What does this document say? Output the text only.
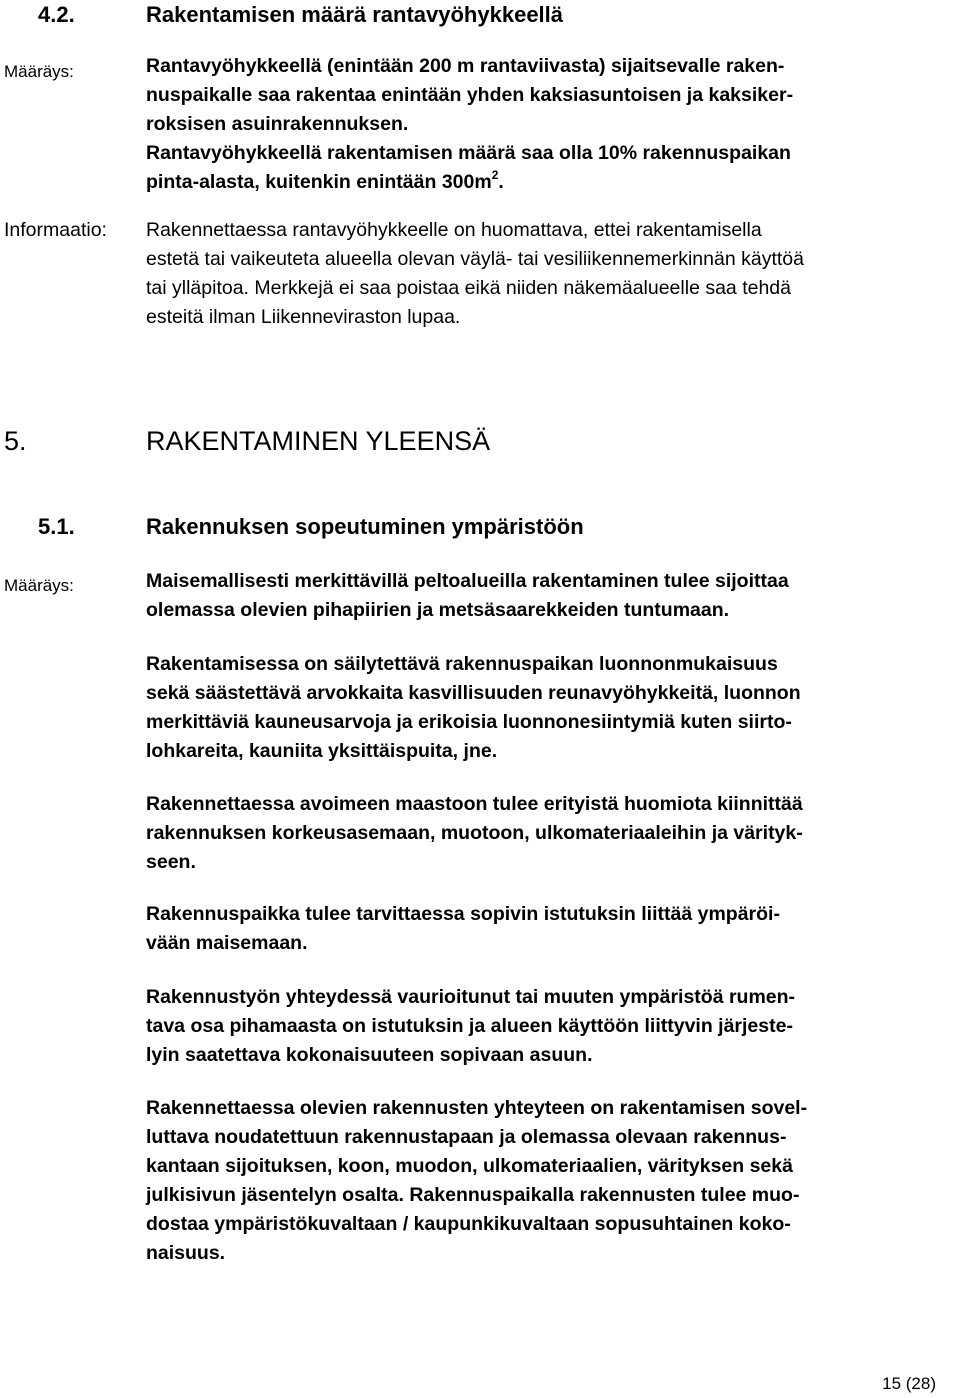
4.2.	Rakentamisen määrä rantavyöhykkeellä
Määräys:	Rantavyöhykkeellä (enintään 200 m rantaviivasta) sijaitsevalle raken-
nuspaikalle saa rakentaa enintään yhden kaksiasuntoisen ja kaksiker-
roksisen asuinrakennuksen.
Rantavyöhykkeellä rakentamisen määrä saa olla 10% rakennuspaikan
pinta-alasta, kuitenkin enintään $300m^2$.
Informaatio: Rakennettaessa rantavyöhykkeelle on huomattava, ettei rakentamisella
estetä tai vaikeuteta alueella olevan väylä- tai vesiliikennemerkinnän käyttöä
tai ylläpitoa. Merkkejä ei saa poistaa eikä niiden näkemäalueelle saa tehdä
esteitä ilman Liikenneviraston lupaa.
5.	RAKENTAMINEN YLEENSÄ
5.1.	Rakennuksen sopeutuminen ympäristöön
Määräys:	Maisemallisesti merkittävillä peltoalueilla rakentaminen tulee sijoittaa
olemassa olevien pihapiirien ja metsäsaarekkeiden tuntumaan.
Rakentamisessa on säilytettävä rakennuspaikan luonnonmukaisuus
sekä säästettävä arvokkaita kasvillisuuden reunavyöhykkeitä, luonnon
merkittäviä kauneusarvoja ja erikoisia luonnonesiintymiä kuten siirto-
lohkareita, kauniita yksittäispuita, jne.
Rakennettaessa avoimeen maastoon tulee erityistä huomiota kiinnittää
rakennuksen korkeusasemaan, muotoon, ulkomateriaaleihin ja värityk-
seen.
Rakennuspaikka tulee tarvittaessa sopivin istutuksin liittää ympäröi-
vään maisemaan.
Rakennustyön yhteydessä vaurioitunut tai muuten ympäristöä rumen-
tava osa pihamaasta on istutuksin ja alueen käyttöön liittyvin järjeste-
lyin saatettava kokonaisuuteen sopivaan asuun.
Rakennettaessa olevien rakennusten yhteyteen on rakentamisen sovel-
luttava noudatettuun rakennustapaan ja olemassa olevaan rakennus-
kantaan sijoituksen, koon, muodon, ulkomateriaalien, värityksen sekä
julkisivun jäsentelyn osalta. Rakennuspaikalla rakennusten tulee muo-
dostaa ympäristökuvaltaan / kaupunkikuvaltaan sopusuhtainen koko-
naisuus.
15 (28)
